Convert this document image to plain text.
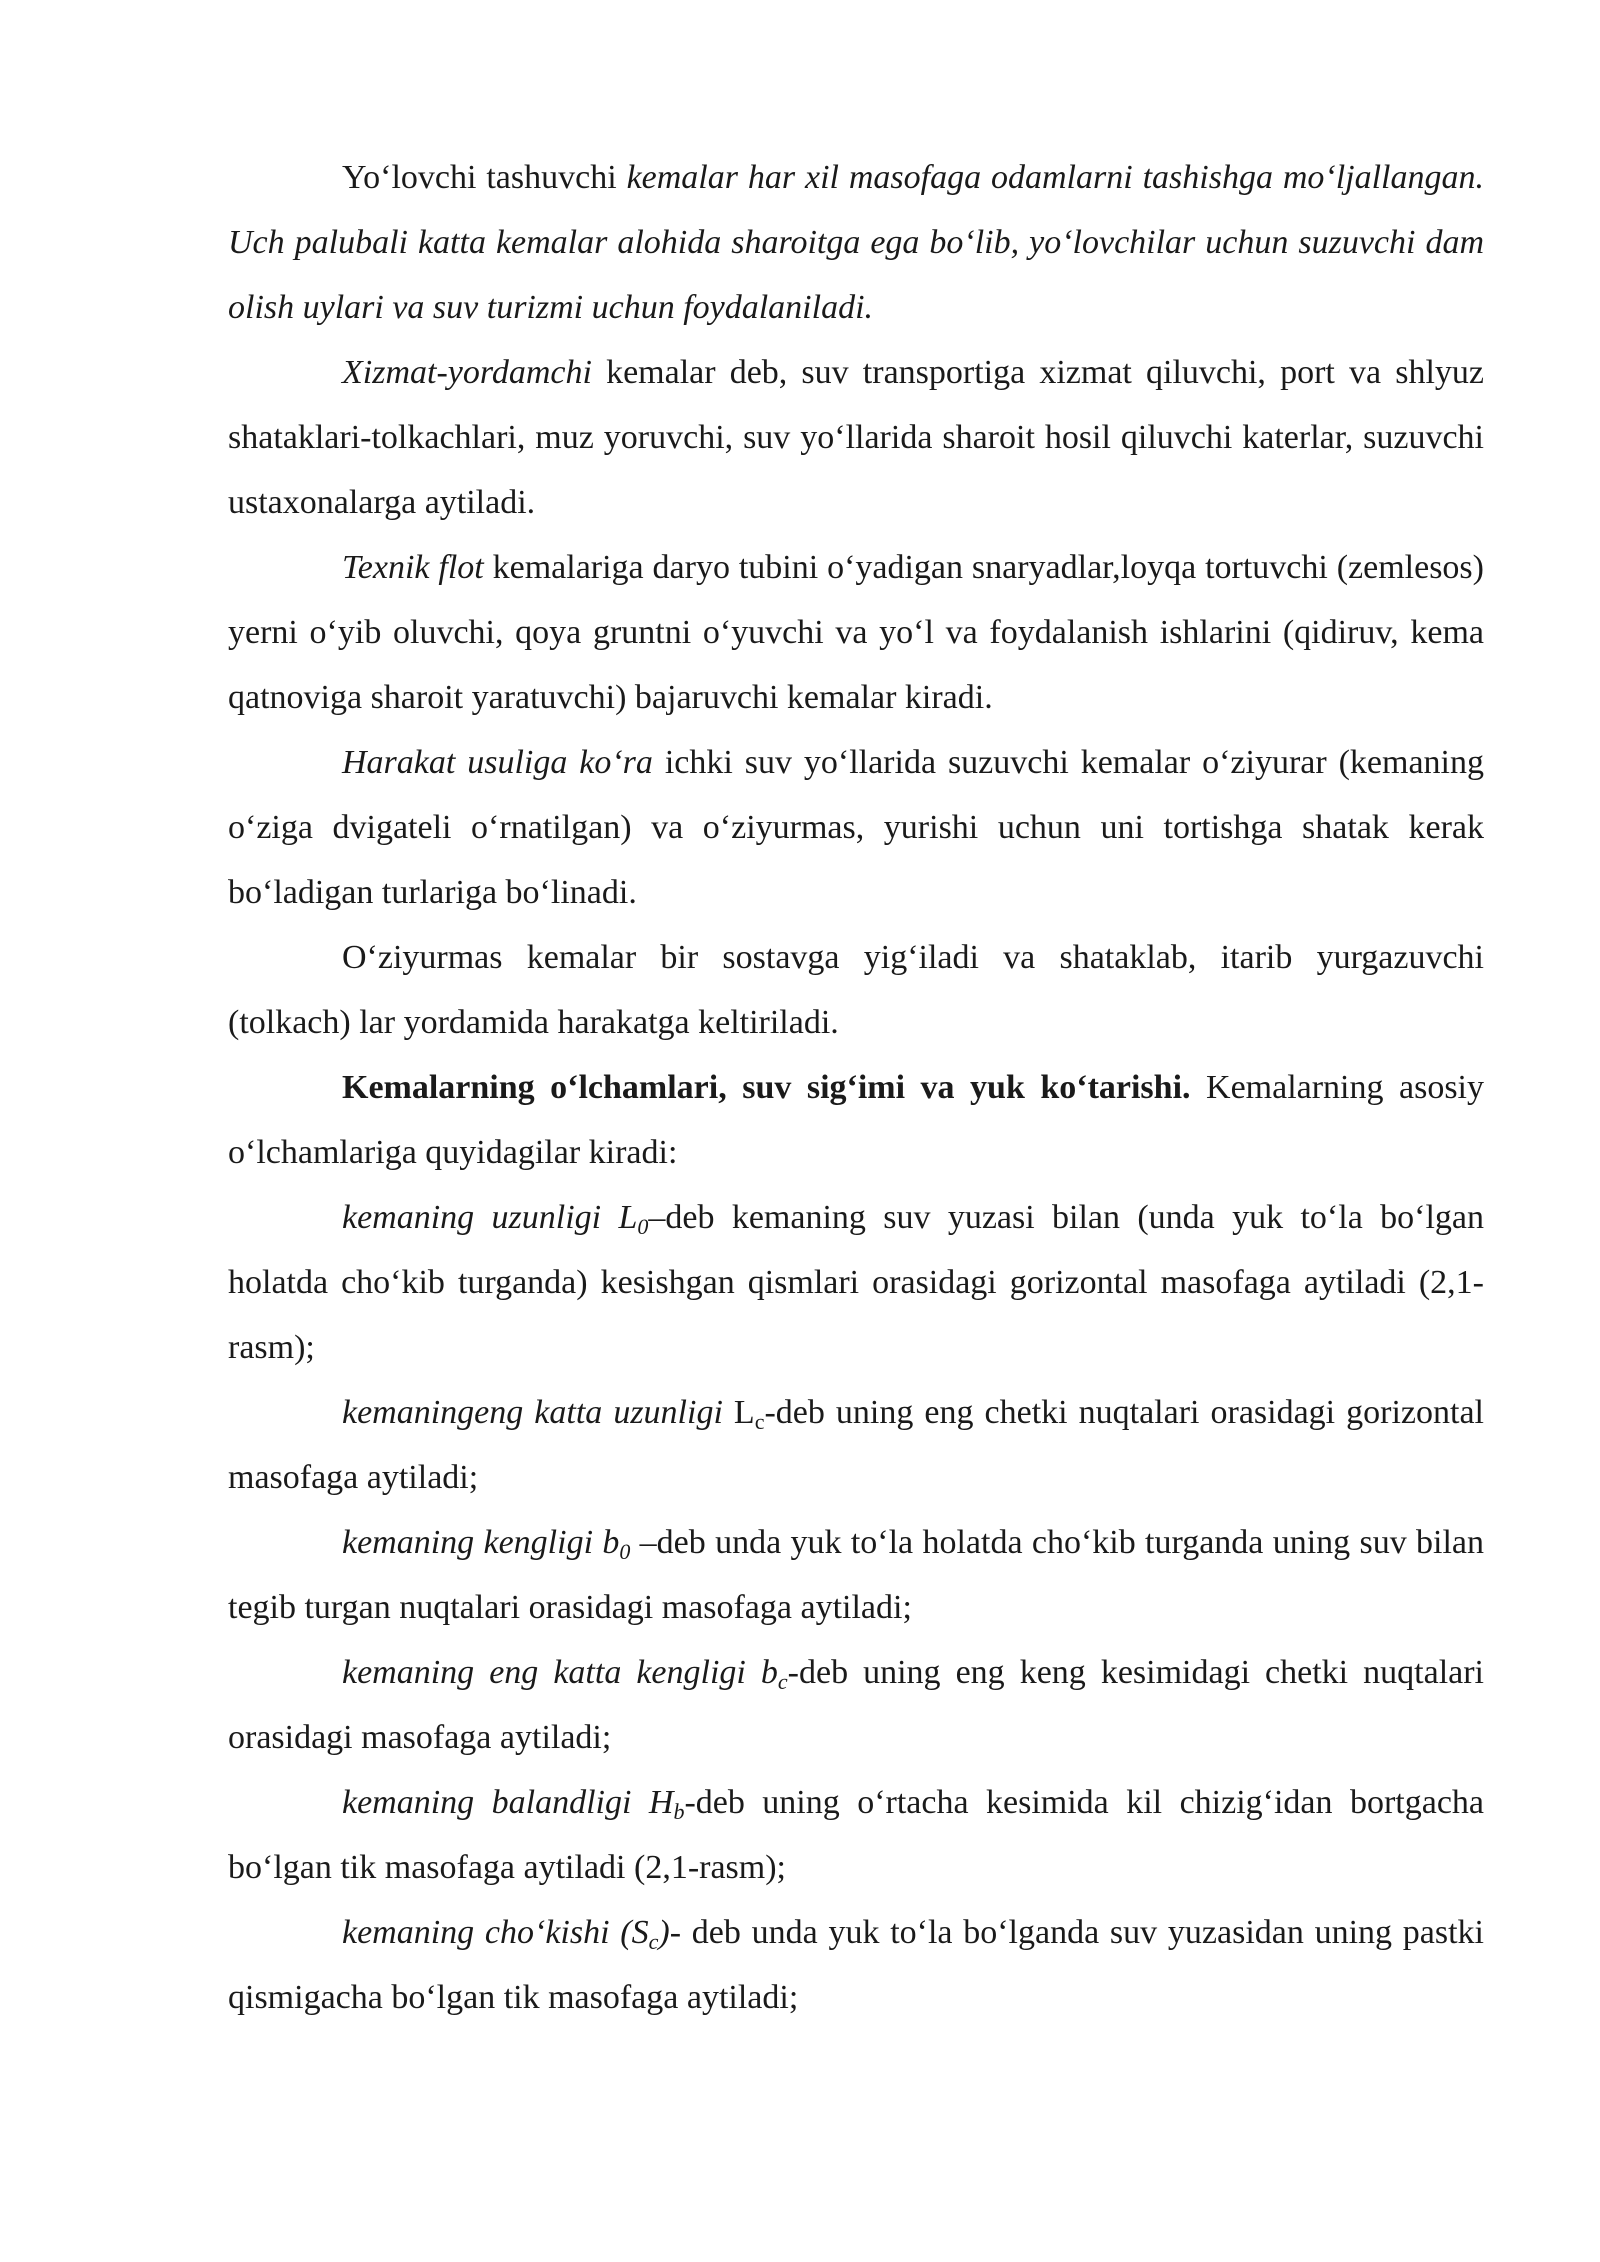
Yo‘lovchi tashuvchi kemalar har xil masofaga odamlarni tashishga mo‘ljallangan. Uch palubali katta kemalar alohida sharoitga ega bo‘lib, yo‘lovchilar uchun suzuvchi dam olish uylari va suv turizmi uchun foydalaniladi.

Xizmat-yordamchi kemalar deb, suv transportiga xizmat qiluvchi, port va shlyuz shataklari-tolkachlari, muz yoruvchi, suv yo‘llarida sharoit hosil qiluvchi katerlar, suzuvchi ustaxonalarga aytiladi.

Texnik flot kemalariga daryo tubini o‘yadigan snaryadlar,loyqa tortuvchi (zemlesos) yerni o‘yib oluvchi, qoya gruntni o‘yuvchi va yo‘l va foydalanish ishlarini (qidiruv, kema qatnoviga sharoit yaratuvchi) bajaruvchi kemalar kiradi.

Harakat usuliga ko‘ra ichki suv yo‘llarida suzuvchi kemalar o‘ziyurar (kemaning o‘ziga dvigateli o‘rnatilgan) va o‘ziyurmas, yurishi uchun uni tortishga shatak kerak bo‘ladigan turlariga bo‘linadi.

O‘ziyurmas kemalar bir sostavga yig‘iladi va shataklab, itarib yurgazuvchi (tolkach) lar yordamida harakatga keltiriladi.

Kemalarning o‘lchamlari, suv sig‘imi va yuk ko‘tarishi. Kemalarning asosiy o‘lchamlariga quyidagilar kiradi:

kemaning uzunligi $L_0$–deb kemaning suv yuzasi bilan (unda yuk to‘la bo‘lgan holatda cho‘kib turganda) kesishgan qismlari orasidagi gorizontal masofaga aytiladi (2,1-rasm);

kemaningeng katta uzunligi $L_c$-deb uning eng chetki nuqtalari orasidagi gorizontal masofaga aytiladi;

kemaning kengligi $b_0$ –deb unda yuk to‘la holatda cho‘kib turganda uning suv bilan tegib turgan nuqtalari orasidagi masofaga aytiladi;

kemaning eng katta kengligi $b_c$-deb uning eng keng kesimidagi chetki nuqtalari orasidagi masofaga aytiladi;

kemaning balandligi $H_b$-deb uning o‘rtacha kesimida kil chizig‘idan bortgacha bo‘lgan tik masofaga aytiladi (2,1-rasm);

kemaning cho‘kishi $(S_c)-$ deb unda yuk to‘la bo‘lganda suv yuzasidan uning pastki qismigacha bo‘lgan tik masofaga aytiladi;
